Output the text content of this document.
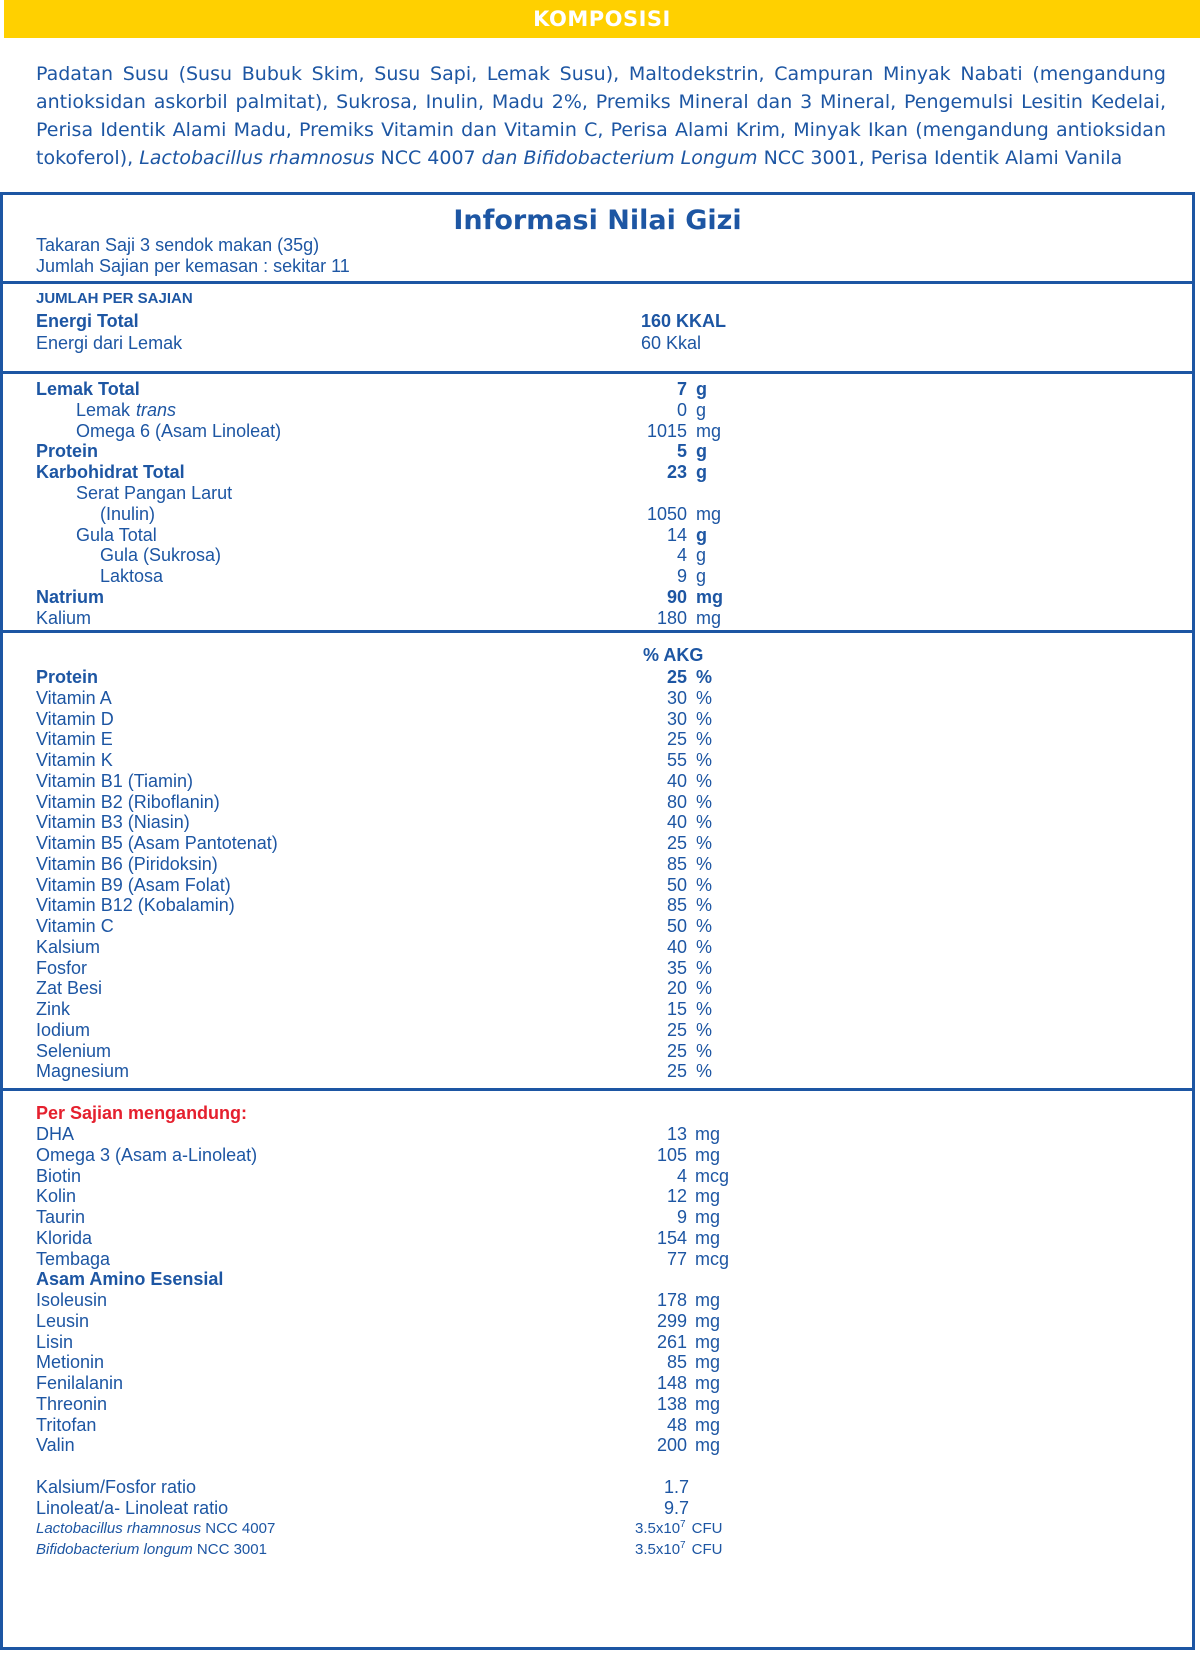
KOMPOSISI

Padatan Susu (Susu Bubuk Skim, Susu Sapi, Lemak Susu), Maltodekstrin, Campuran Minyak Nabati (mengandung antioksidan askorbil palmitat), Sukrosa, Inulin, Madu 2%, Premiks Mineral dan 3 Mineral, Pengemulsi Lesitin Kedelai, Perisa Identik Alami Madu, Premiks Vitamin dan Vitamin C, Perisa Alami Krim, Minyak Ikan (mengandung antioksidan tokoferol), Lactobacillus rhamnosus NCC 4007 dan Bifidobacterium Longum NCC 3001, Perisa Identik Alami Vanila

Informasi Nilai Gizi
Takaran Saji 3 sendok makan (35g)
Jumlah Sajian per kemasan : sekitar 11
JUMLAH PER SAJIAN
Energi Total	160 KKAL
Energi dari Lemak	60 Kkal
Lemak Total	7 g
Lemak trans	0 g
Omega 6 (Asam Linoleat)	1015 mg
Protein	5 g
Karbohidrat Total	23 g
Serat Pangan Larut
(Inulin)	1050 mg
Gula Total	14 g
Gula (Sukrosa)	4 g
Laktosa	9 g
Natrium	90 mg
Kalium	180 mg
% AKG
Protein	25 %
Vitamin A	30 %
Vitamin D	30 %
Vitamin E	25 %
Vitamin K	55 %
Vitamin B1 (Tiamin)	40 %
Vitamin B2 (Riboflanin)	80 %
Vitamin B3 (Niasin)	40 %
Vitamin B5 (Asam Pantotenat)	25 %
Vitamin B6 (Piridoksin)	85 %
Vitamin B9 (Asam Folat)	50 %
Vitamin B12 (Kobalamin)	85 %
Vitamin C	50 %
Kalsium	40 %
Fosfor	35 %
Zat Besi	20 %
Zink	15 %
Iodium	25 %
Selenium	25 %
Magnesium	25 %
Per Sajian mengandung:
DHA	13 mg
Omega 3 (Asam a-Linoleat)	105 mg
Biotin	4 mcg
Kolin	12 mg
Taurin	9 mg
Klorida	154 mg
Tembaga	77 mcg
Asam Amino Esensial
Isoleusin	178 mg
Leusin	299 mg
Lisin	261 mg
Metionin	85 mg
Fenilalanin	148 mg
Threonin	138 mg
Tritofan	48 mg
Valin	200 mg
Kalsium/Fosfor ratio	1.7
Linoleat/a- Linoleat ratio	9.7
Lactobacillus rhamnosus NCC 4007	$3.5x10^7$ CFU
Bifidobacterium longum NCC 3001	$3.5x10^7$ CFU
